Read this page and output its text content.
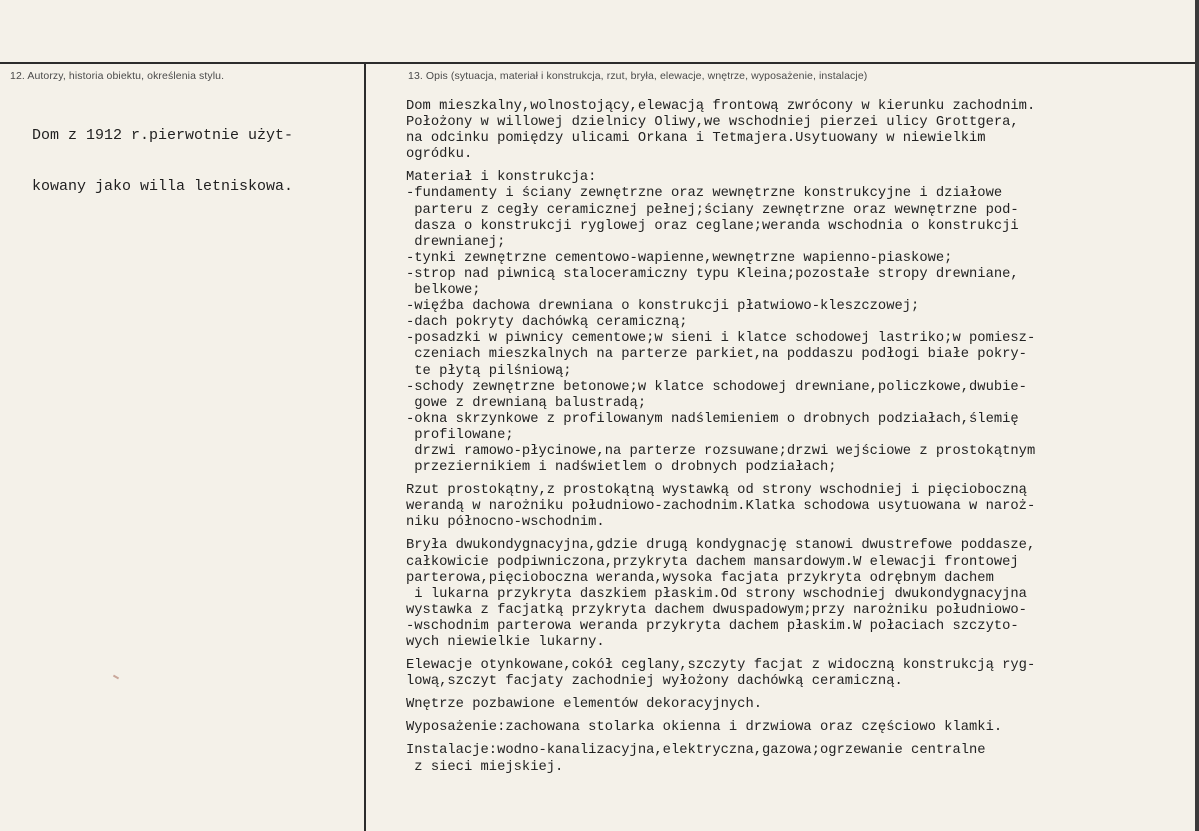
12. Autorzy, historia obiektu, określenia stylu.	13. Opis (sytuacja, materiał i konstrukcja, rzut, bryła, elewacje, wnętrze, wyposażenie, instalacje)

Dom z 1912 r.pierwotnie użyt-

kowany jako willa letniskowa.

Dom mieszkalny,wolnostojący,elewacją frontową zwrócony w kierunku zachodnim.
Położony w willowej dzielnicy Oliwy,we wschodniej pierzei ulicy Grottgera,
na odcinku pomiędzy ulicami Orkana i Tetmajera.Usytuowany w niewielkim
ogródku.
Materiał i konstrukcja:
-fundamenty i ściany zewnętrzne oraz wewnętrzne konstrukcyjne i działowe
parteru z cegły ceramicznej pełnej;ściany zewnętrzne oraz wewnętrzne pod-
dasza o konstrukcji ryglowej oraz ceglane;weranda wschodnia o konstrukcji
drewnianej;
-tynki zewnętrzne cementowo-wapienne,wewnętrzne wapienno-piaskowe;
-strop nad piwnicą staloceramiczny typu Kleina;pozostałe stropy drewniane,
belkowe;
-więźba dachowa drewniana o konstrukcji płatwiowo-kleszczowej;
-dach pokryty dachówką ceramiczną;
-posadzki w piwnicy cementowe;w sieni i klatce schodowej lastriko;w pomiesz-
czeniach mieszkalnych na parterze parkiet,na poddaszu podłogi białe pokry-
te płytą pilśniową;
-schody zewnętrzne betonowe;w klatce schodowej drewniane,policzkowe,dwubie-
gowe z drewnianą balustradą;
-okna skrzynkowe z profilowanym nadślemieniem o drobnych podziałach,ślemię
profilowane;
drzwi ramowo-płycinowe,na parterze rozsuwane;drzwi wejściowe z prostokątnym
przeziernikiem i nadświetlem o drobnych podziałach;
Rzut prostokątny,z prostokątną wystawką od strony wschodniej i pięcioboczną
werandą w narożniku południowo-zachodnim.Klatka schodowa usytuowana w naroż-
niku północno-wschodnim.
Bryła dwukondygnacyjna,gdzie drugą kondygnację stanowi dwustrefowe poddasze,
całkowicie podpiwniczona,przykryta dachem mansardowym.W elewacji frontowej
parterowa,pięcioboczna weranda,wysoka facjata przykryta odrębnym dachem
i lukarna przykryta daszkiem płaskim.Od strony wschodniej dwukondygnacyjna
wystawka z facjatką przykryta dachem dwuspadowym;przy narożniku południowo-
-wschodnim parterowa weranda przykryta dachem płaskim.W połaciach szczyto-
wych niewielkie lukarny.
Elewacje otynkowane,cokół ceglany,szczyty facjat z widoczną konstrukcją ryg-
lową,szczyt facjaty zachodniej wyłożony dachówką ceramiczną.
Wnętrze pozbawione elementów dekoracyjnych.
Wyposażenie:zachowana stolarka okienna i drzwiowa oraz częściowo klamki.
Instalacje:wodno-kanalizacyjna,elektryczna,gazowa;ogrzewanie centralne
z sieci miejskiej.
